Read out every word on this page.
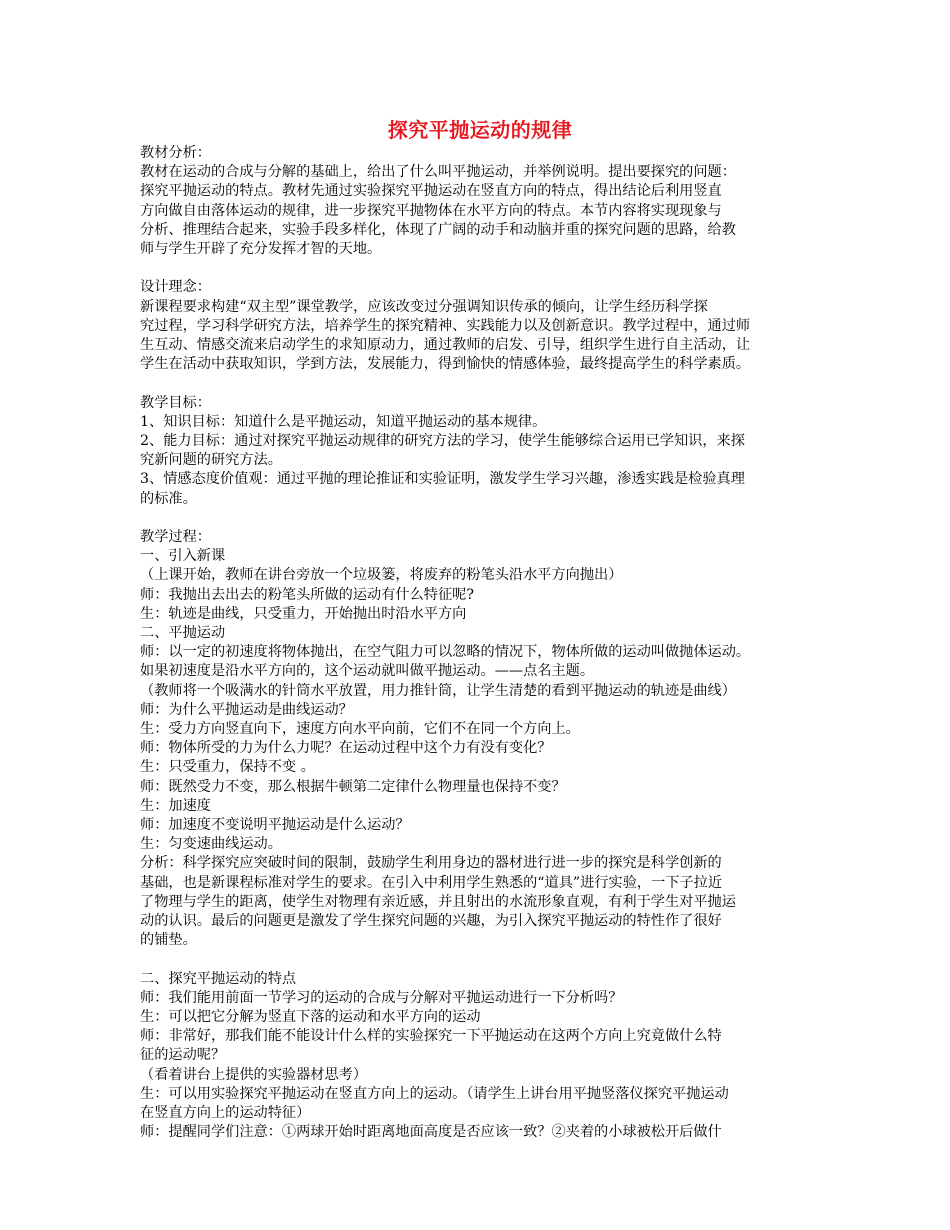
探究平抛运动的规律
教材分析：
教材在运动的合成与分解的基础上，给出了什么叫平抛运动，并举例说明。提出要探究的问题：
探究平抛运动的特点。教材先通过实验探究平抛运动在竖直方向的特点，得出结论后利用竖直
方向做自由落体运动的规律，进一步探究平抛物体在水平方向的特点。本节内容将实现现象与
分析、推理结合起来，实验手段多样化，体现了广阔的动手和动脑并重的探究问题的思路，给教
师与学生开辟了充分发挥才智的天地。
设计理念：
新课程要求构建“双主型”课堂教学，应该改变过分强调知识传承的倾向，让学生经历科学探
究过程，学习科学研究方法，培养学生的探究精神、实践能力以及创新意识。教学过程中，通过师
生互动、情感交流来启动学生的求知原动力，通过教师的启发、引导，组织学生进行自主活动，让
学生在活动中获取知识，学到方法，发展能力，得到愉快的情感体验，最终提高学生的科学素质。
教学目标：
1、知识目标：知道什么是平抛运动，知道平抛运动的基本规律。
2、能力目标：通过对探究平抛运动规律的研究方法的学习，使学生能够综合运用已学知识，来探
究新问题的研究方法。
3、情感态度价值观：通过平抛的理论推证和实验证明，激发学生学习兴趣，渗透实践是检验真理
的标准。
教学过程：
一、引入新课
（上课开始，教师在讲台旁放一个垃圾篓，将废弃的粉笔头沿水平方向抛出）
师：我抛出去出去的粉笔头所做的运动有什么特征呢?
生：轨迹是曲线，只受重力，开始抛出时沿水平方向
二、平抛运动
师：以一定的初速度将物体抛出，在空气阻力可以忽略的情况下，物体所做的运动叫做抛体运动。
如果初速度是沿水平方向的，这个运动就叫做平抛运动。——点名主题。
（教师将一个吸满水的针筒水平放置，用力推针筒，让学生清楚的看到平抛运动的轨迹是曲线）
师：为什么平抛运动是曲线运动？
生：受力方向竖直向下，速度方向水平向前，它们不在同一个方向上。
师：物体所受的力为什么力呢？在运动过程中这个力有没有变化？
生：只受重力，保持不变 。
师：既然受力不变，那么根据牛顿第二定律什么物理量也保持不变？
生：加速度
师：加速度不变说明平抛运动是什么运动？
生：匀变速曲线运动。
分析：科学探究应突破时间的限制，鼓励学生利用身边的器材进行进一步的探究是科学创新的
基础，也是新课程标准对学生的要求。在引入中利用学生熟悉的“道具”进行实验，一下子拉近
了物理与学生的距离，使学生对物理有亲近感，并且射出的水流形象直观，有利于学生对平抛运
动的认识。最后的问题更是激发了学生探究问题的兴趣，为引入探究平抛运动的特性作了很好
的铺垫。
二、探究平抛运动的特点
师：我们能用前面一节学习的运动的合成与分解对平抛运动进行一下分析吗？
生：可以把它分解为竖直下落的运动和水平方向的运动
师：非常好，那我们能不能设计什么样的实验探究一下平抛运动在这两个方向上究竟做什么特
征的运动呢？
（看着讲台上提供的实验器材思考）
生：可以用实验探究平抛运动在竖直方向上的运动。（请学生上讲台用平抛竖落仪探究平抛运动
在竖直方向上的运动特征）
师：提醒同学们注意：①两球开始时距离地面高度是否应该一致？②夹着的小球被松开后做什
